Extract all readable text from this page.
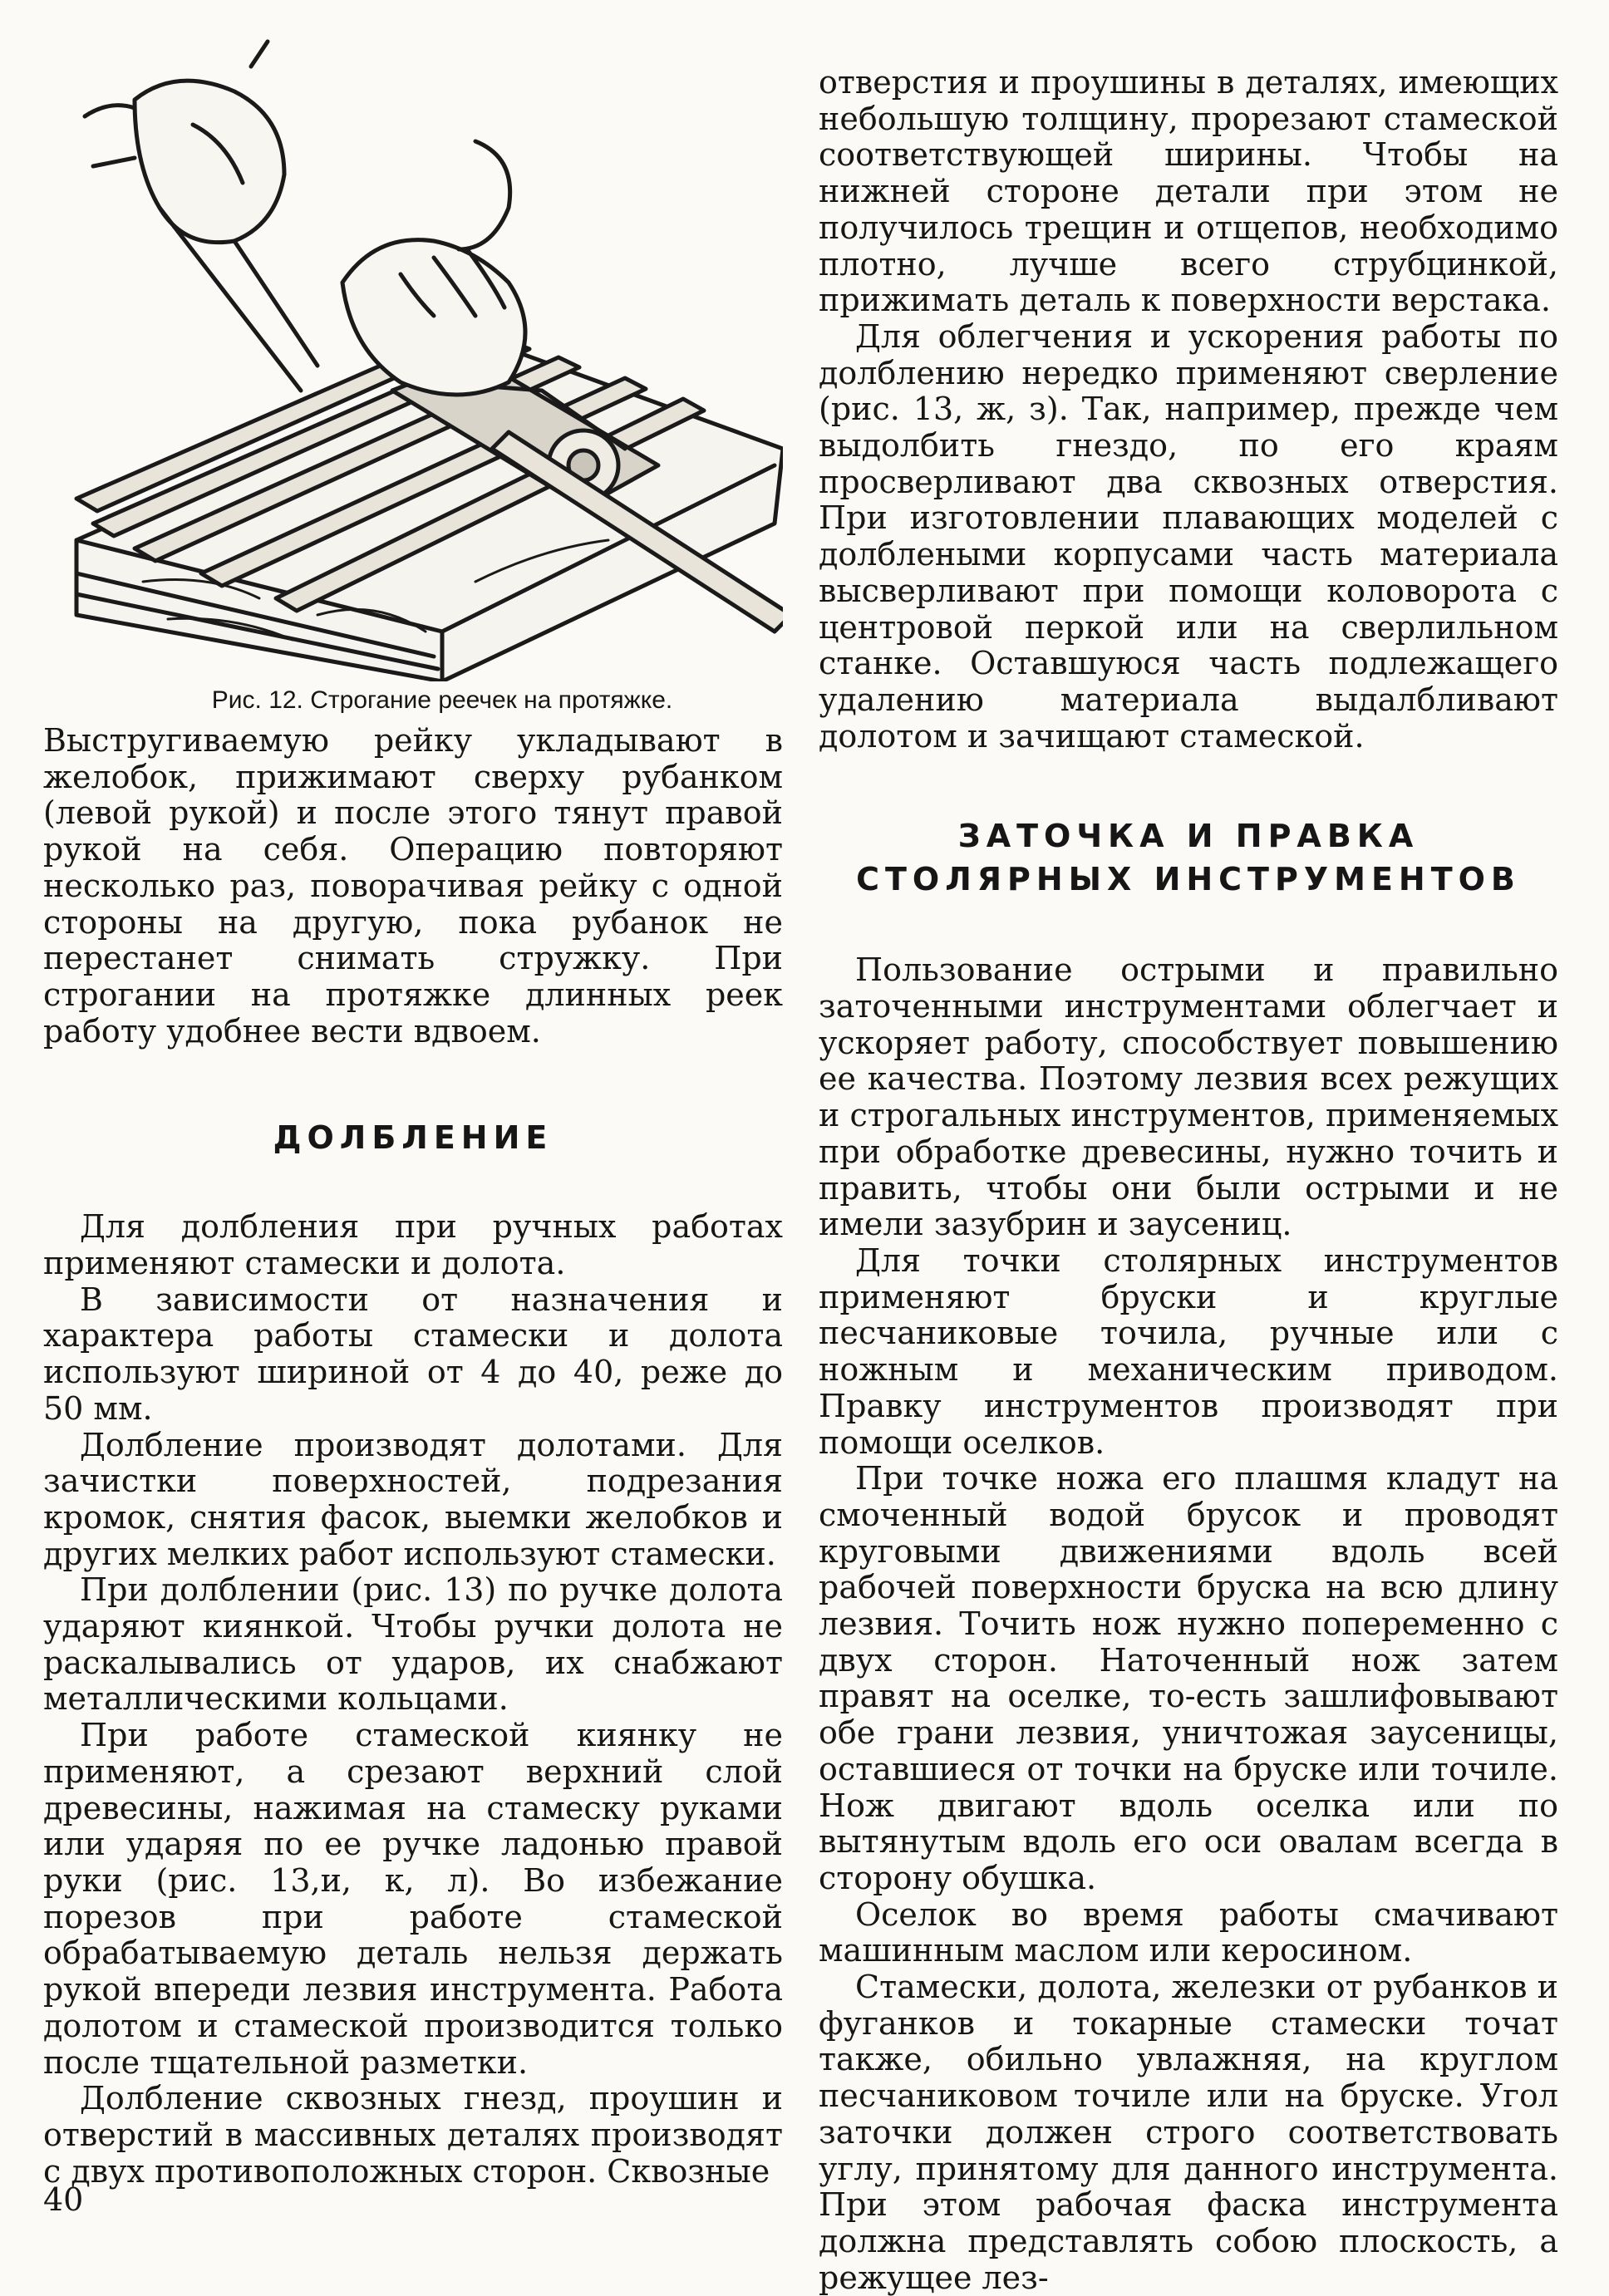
Рис. 12. Строгание реечек на протяжке.

Выстругиваемую рейку укладывают в желобок, прижимают сверху рубанком (левой рукой) и после этого тянут правой рукой на себя. Операцию повторяют несколько раз, поворачивая рейку с одной стороны на другую, пока рубанок не перестанет снимать стружку. При строгании на протяжке длинных реек работу удобнее вести вдвоем.

ДОЛБЛЕНИЕ

Для долбления при ручных работах применяют стамески и долота.

В зависимости от назначения и характера работы стамески и долота используют шириной от 4 до 40, реже до 50 мм.

Долбление производят долотами. Для зачистки поверхностей, подрезания кромок, снятия фасок, выемки желобков и других мелких работ используют стамески.

При долблении (рис. 13) по ручке долота ударяют киянкой. Чтобы ручки долота не раскалывались от ударов, их снабжают металлическими кольцами.

При работе стамеской киянку не применяют, а срезают верхний слой древесины, нажимая на стамеску руками или ударяя по ее ручке ладонью правой руки (рис. 13,и, к, л). Во избежание порезов при работе стамеской обрабатываемую деталь нельзя держать рукой впереди лезвия инструмента. Работа долотом и стамеской производится только после тщательной разметки.

Долбление сквозных гнезд, проушин и отверстий в массивных деталях производят с двух противоположных сторон. Сквозные

отверстия и проушины в деталях, имеющих небольшую толщину, прорезают стамеской соответствующей ширины. Чтобы на нижней стороне детали при этом не получилось трещин и отщепов, необходимо плотно, лучше всего струбцинкой, прижимать деталь к поверхности верстака.

Для облегчения и ускорения работы по долблению нередко применяют сверление (рис. 13, ж, з). Так, например, прежде чем выдолбить гнездо, по его краям просверливают два сквозных отверстия. При изготовлении плавающих моделей с долблеными корпусами часть материала высверливают при помощи коловорота с центровой перкой или на сверлильном станке. Оставшуюся часть подлежащего удалению материала выдалбливают долотом и зачищают стамеской.

ЗАТОЧКА И ПРАВКА СТОЛЯРНЫХ ИНСТРУМЕНТОВ

Пользование острыми и правильно заточенными инструментами облегчает и ускоряет работу, способствует повышению ее качества. Поэтому лезвия всех режущих и строгальных инструментов, применяемых при обработке древесины, нужно точить и править, чтобы они были острыми и не имели зазубрин и заусениц.

Для точки столярных инструментов применяют бруски и круглые песчаниковые точила, ручные или с ножным и механическим приводом. Правку инструментов производят при помощи оселков.

При точке ножа его плашмя кладут на смоченный водой брусок и проводят круговыми движениями вдоль всей рабочей поверхности бруска на всю длину лезвия. Точить нож нужно попеременно с двух сторон. Наточенный нож затем правят на оселке, то-есть зашлифовывают обе грани лезвия, уничтожая заусеницы, оставшиеся от точки на бруске или точиле. Нож двигают вдоль оселка или по вытянутым вдоль его оси овалам всегда в сторону обушка.

Оселок во время работы смачивают машинным маслом или керосином.

Стамески, долота, железки от рубанков и фуганков и токарные стамески точат также, обильно увлажняя, на круглом песчаниковом точиле или на бруске. Угол заточки должен строго соответствовать углу, принятому для данного инструмента. При этом рабочая фаска инструмента должна представлять собою плоскость, а режущее лез-

40
